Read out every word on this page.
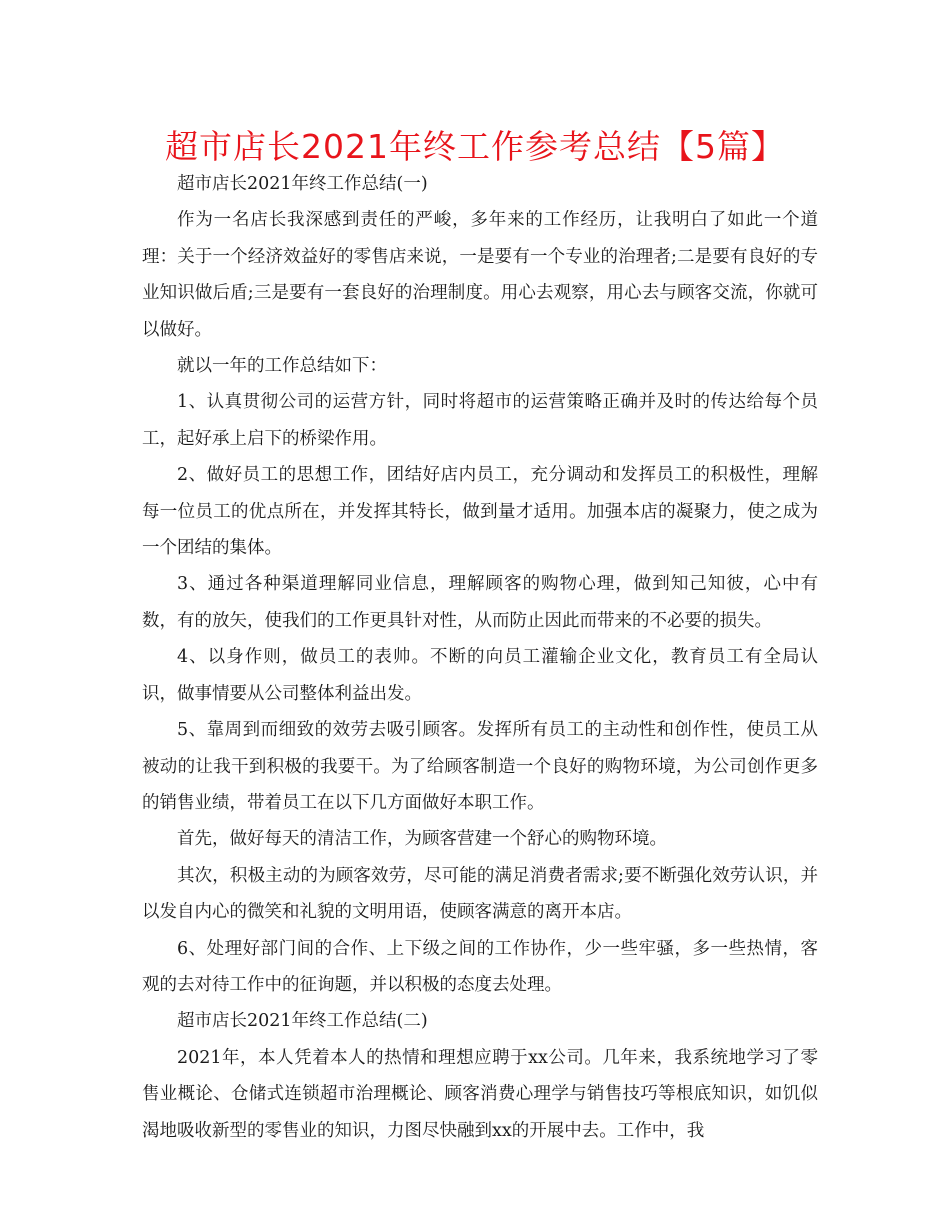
超市店长2021年终工作参考总结【5篇】

超市店长2021年终工作总结(一)

作为一名店长我深感到责任的严峻，多年来的工作经历，让我明白了如此一个道理：关于一个经济效益好的零售店来说，一是要有一个专业的治理者;二是要有良好的专业知识做后盾;三是要有一套良好的治理制度。用心去观察，用心去与顾客交流，你就可以做好。

就以一年的工作总结如下：

1、认真贯彻公司的运营方针，同时将超市的运营策略正确并及时的传达给每个员工，起好承上启下的桥梁作用。

2、做好员工的思想工作，团结好店内员工，充分调动和发挥员工的积极性，理解每一位员工的优点所在，并发挥其特长，做到量才适用。加强本店的凝聚力，使之成为一个团结的集体。

3、通过各种渠道理解同业信息，理解顾客的购物心理，做到知己知彼，心中有数，有的放矢，使我们的工作更具针对性，从而防止因此而带来的不必要的损失。

4、以身作则，做员工的表帅。不断的向员工灌输企业文化，教育员工有全局认识，做事情要从公司整体利益出发。

5、靠周到而细致的效劳去吸引顾客。发挥所有员工的主动性和创作性，使员工从被动的让我干到积极的我要干。为了给顾客制造一个良好的购物环境，为公司创作更多的销售业绩，带着员工在以下几方面做好本职工作。

首先，做好每天的清洁工作，为顾客营建一个舒心的购物环境。

其次，积极主动的为顾客效劳，尽可能的满足消费者需求;要不断强化效劳认识，并以发自内心的微笑和礼貌的文明用语，使顾客满意的离开本店。

6、处理好部门间的合作、上下级之间的工作协作，少一些牢骚，多一些热情，客观的去对待工作中的征询题，并以积极的态度去处理。

超市店长2021年终工作总结(二)

2021年，本人凭着本人的热情和理想应聘于xx公司。几年来，我系统地学习了零售业概论、仓储式连锁超市治理概论、顾客消费心理学与销售技巧等根底知识，如饥似渴地吸收新型的零售业的知识，力图尽快融到xx的开展中去。工作中，我
